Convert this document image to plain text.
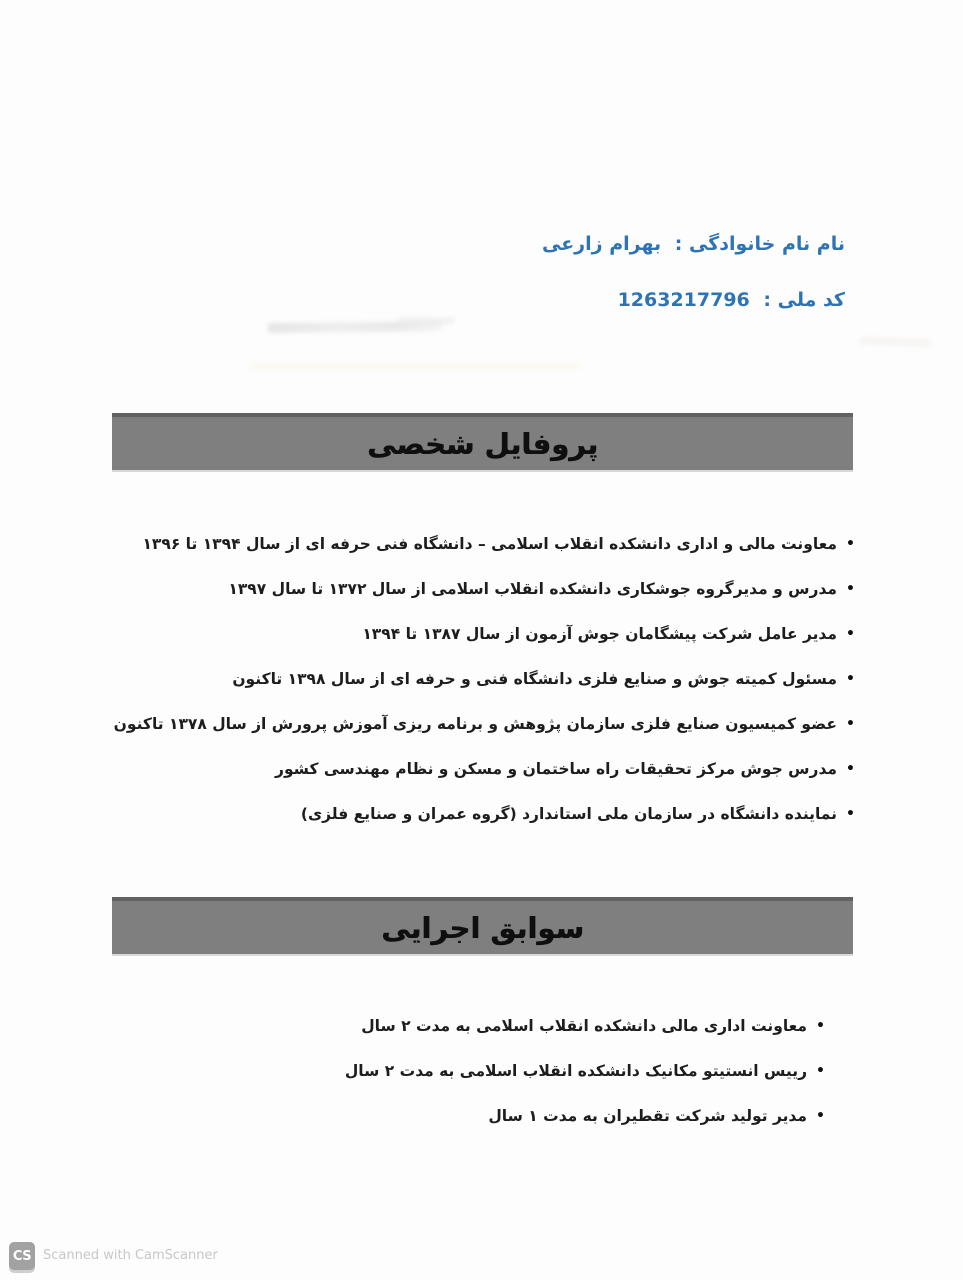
نام نام خانوادگی : بهرام زارعی
کد ملی : 1263217796
پروفایل شخصی
•
معاونت مالی و اداری دانشکده انقلاب اسلامی – دانشگاه فنی حرفه ای از سال ۱۳۹۴ تا ۱۳۹۶
•
مدرس و مدیرگروه جوشکاری دانشکده انقلاب اسلامی از سال ۱۳۷۲ تا سال ۱۳۹۷
•
مدیر عامل شرکت پیشگامان جوش آزمون از سال ۱۳۸۷ تا ۱۳۹۴
•
مسئول کمیته جوش و صنایع فلزی دانشگاه فنی و حرفه ای از سال ۱۳۹۸ تاکنون
•
عضو کمیسیون صنایع فلزی سازمان پژوهش و برنامه ریزی آموزش پرورش از سال ۱۳۷۸ تاکنون
•
مدرس جوش مرکز تحقیقات راه ساختمان و مسکن و نظام مهندسی کشور
•
نماینده دانشگاه در سازمان ملی استاندارد (گروه عمران و صنایع فلزی)
سوابق اجرایی
•
معاونت اداری مالی دانشکده انقلاب اسلامی به مدت ۲ سال
•
رییس انستیتو مکانیک دانشکده انقلاب اسلامی به مدت ۲ سال
•
مدیر تولید شرکت تقطیران به مدت ۱ سال
CS Scanned with CamScanner
